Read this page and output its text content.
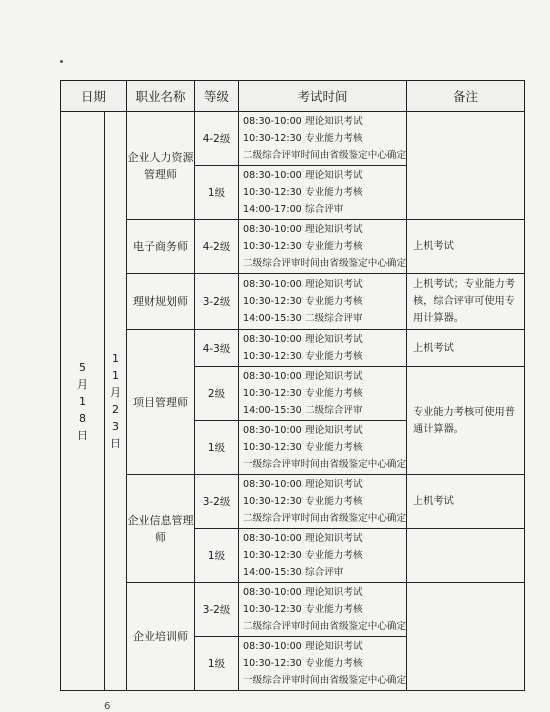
日期		职业名称	等级	考试时间	备注
5月18日	11月23日	企业人力资源管理师	4-2级	08:30-10:00 理论知识考试
10:30-12:30 专业能力考核
二级综合评审时间由省级鉴定中心确定	

			1级	08:30-10:00 理论知识考试
10:30-12:30 专业能力考核
14:00-17:00 综合评审	

		电子商务师	4-2级	08:30-10:00 理论知识考试
10:30-12:30 专业能力考核
二级综合评审时间由省级鉴定中心确定	上机考试
		理财规划师	3-2级	08:30-10:00 理论知识考试
10:30-12:30 专业能力考核
14:00-15:30 二级综合评审	上机考试；专业能力考核，综合评审可使用专用计算器。
		项目管理师	4-3级	08:30-10:00 理论知识考试
10:30-12:30 专业能力考核	上机考试
			2级	08:30-10:00 理论知识考试
10:30-12:30 专业能力考核
14:00-15:30 二级综合评审	专业能力考核可使用普通计算器。
			1级	08:30-10:00 理论知识考试
10:30-12:30 专业能力考核
一级综合评审时间由省级鉴定中心确定	

		企业信息管理师	3-2级	08:30-10:00 理论知识考试
10:30-12:30 专业能力考核
二级综合评审时间由省级鉴定中心确定	上机考试
			1级	08:30-10:00 理论知识考试
10:30-12:30 专业能力考核
14:00-15:30 综合评审	

		企业培训师	3-2级	08:30-10:00 理论知识考试
10:30-12:30 专业能力考核
二级综合评审时间由省级鉴定中心确定	

			1级	08:30-10:00 理论知识考试
10:30-12:30 专业能力考核
一级综合评审时间由省级鉴定中心确定	
6
